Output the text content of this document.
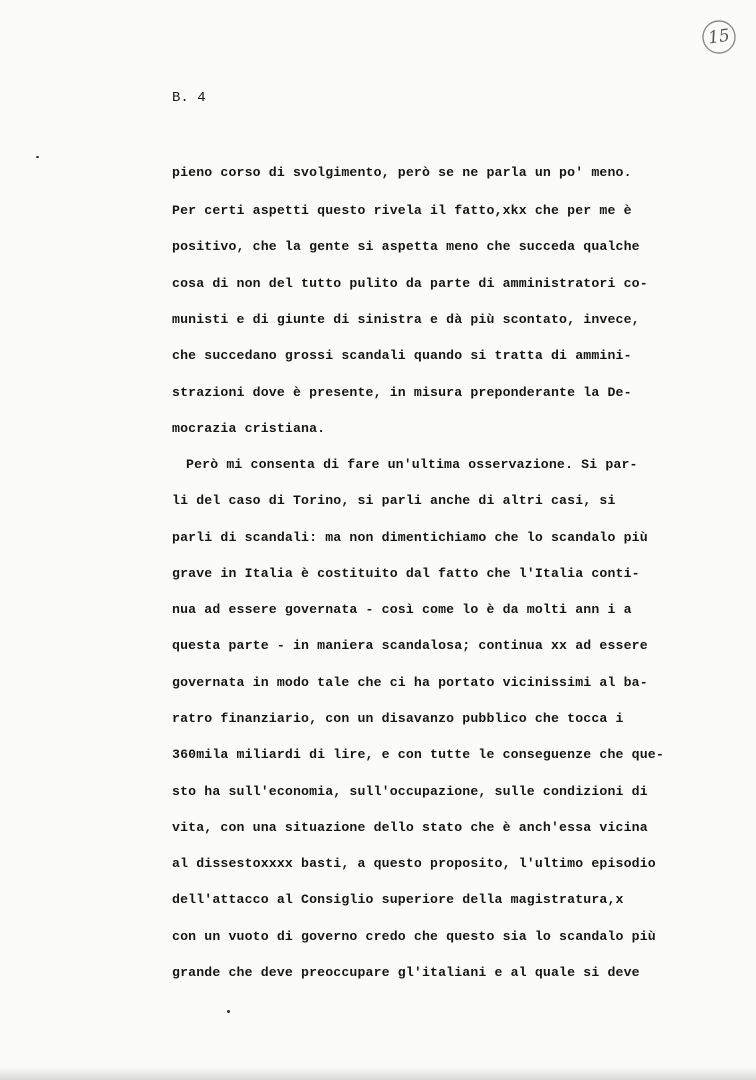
15
B. 4
pieno corso di svolgimento, però se ne parla un po' meno.
Per certi aspetti questo rivela il fatto,xkx che per me è
positivo, che la gente si aspetta meno che succeda qualche
cosa di non del tutto pulito da parte di amministratori co-
munisti e di giunte di sinistra e dà più scontato, invece,
che succedano grossi scandali quando si tratta di ammini-
strazioni dove è presente, in misura preponderante la De-
mocrazia cristiana.
Però mi consenta di fare un'ultima osservazione. Si par-
li del caso di Torino, si parli anche di altri casi, si
parli di scandali: ma non dimentichiamo che lo scandalo più
grave in Italia è costituito dal fatto che l'Italia conti-
nua ad essere governata - così come lo è da molti ann i a
questa parte - in maniera scandalosa; continua xx ad essere
governata in modo tale che ci ha portato vicinissimi al ba-
ratro finanziario, con un disavanzo pubblico che tocca i
360mila miliardi di lire, e con tutte le conseguenze che que-
sto ha sull'economia, sull'occupazione, sulle condizioni di
vita, con una situazione dello stato che è anch'essa vicina
al dissestoxxxx basti, a questo proposito, l'ultimo episodio
dell'attacco al Consiglio superiore della magistratura,x
con un vuoto di governo credo che questo sia lo scandalo più
grande che deve preoccupare gl'italiani e al quale si deve
